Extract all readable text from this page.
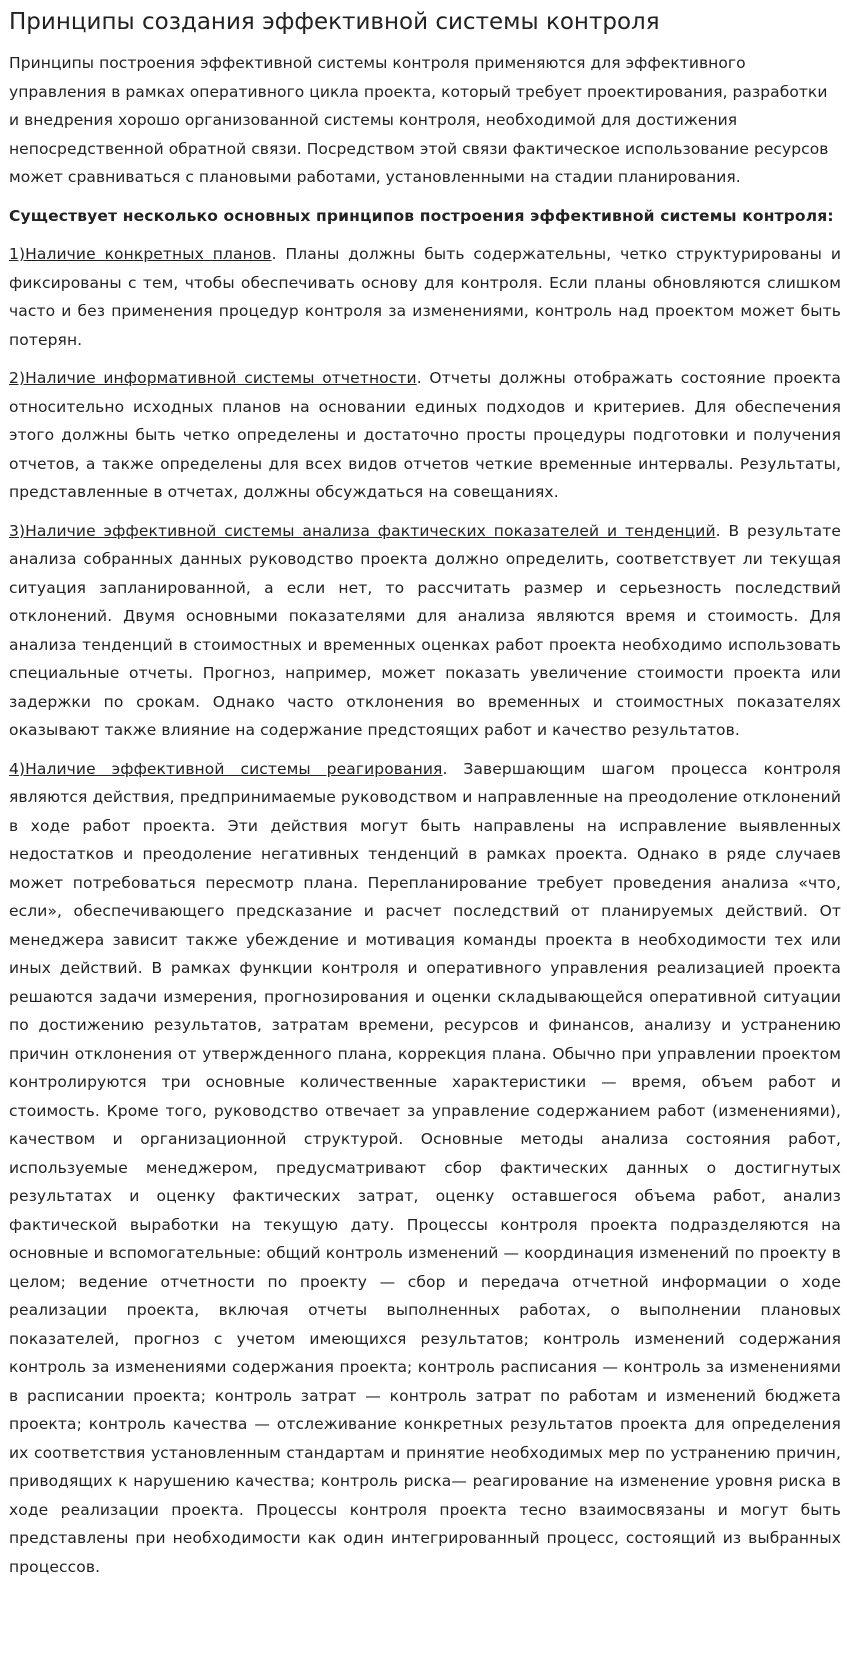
Принципы создания эффективной системы контроля

Принципы построения эффективной системы контроля применяются для эффективного управления в рамках оперативного цикла проекта, который требует проектирования, разработки и внедрения хорошо организованной системы контроля, необходимой для достижения непосредственной обратной связи. Посредством этой связи фактическое использование ресурсов может сравниваться с плановыми работами, установленными на стадии планирования.

Существует несколько основных принципов построения эффективной системы контроля:

1)Наличие конкретных планов. Планы должны быть содержательны, четко структурированы и фиксированы с тем, чтобы обеспечивать основу для контроля. Если планы обновляются слишком часто и без применения процедур контроля за изменениями, контроль над проектом может быть потерян.

2)Наличие информативной системы отчетности. Отчеты должны отображать состояние проекта относительно исходных планов на основании единых подходов и критериев. Для обеспечения этого должны быть четко определены и достаточно просты процедуры подготовки и получения отчетов, а также определены для всех видов отчетов четкие временные интервалы. Результаты, представленные в отчетах, должны обсуждаться на совещаниях.

3)Наличие эффективной системы анализа фактических показателей и тенденций. В результате анализа собранных данных руководство проекта должно определить, соответствует ли текущая ситуация запланированной, а если нет, то рассчитать размер и серьезность последствий отклонений. Двумя основными показателями для анализа являются время и стоимость. Для анализа тенденций в стоимостных и временных оценках работ проекта необходимо использовать специальные отчеты. Прогноз, например, может показать увеличение стоимости проекта или задержки по срокам. Однако часто отклонения во временных и стоимостных показателях оказывают также влияние на содержание предстоящих работ и качество результатов.

4)Наличие эффективной системы реагирования. Завершающим шагом процесса контроля являются действия, предпринимаемые руководством и направленные на преодоление отклонений в ходе работ проекта. Эти действия могут быть направлены на исправление выявленных недостатков и преодоление негативных тенденций в рамках проекта. Однако в ряде случаев может потребоваться пересмотр плана. Перепланирование требует проведения анализа «что, если», обеспечивающего предсказание и расчет последствий от планируемых действий. От менеджера зависит также убеждение и мотивация команды проекта в необходимости тех или иных действий. В рамках функции контроля и оперативного управления реализацией проекта решаются задачи измерения, прогнозирования и оценки складывающейся оперативной ситуации по достижению результатов, затратам времени, ресурсов и финансов, анализу и устранению причин отклонения от утвержденного плана, коррекция плана. Обычно при управлении проектом контролируются три основные количественные характеристики — время, объем работ и стоимость. Кроме того, руководство отвечает за управление содержанием работ (изменениями), качеством и организационной структурой. Основные методы анализа состояния работ, используемые менеджером, предусматривают сбор фактических данных о достигнутых результатах и оценку фактических затрат, оценку оставшегося объема работ, анализ фактической выработки на текущую дату. Процессы контроля проекта подразделяются на основные и вспомогательные: общий контроль изменений — координация изменений по проекту в целом; ведение отчетности по проекту — сбор и передача отчетной информации о ходе реализации проекта, включая отчеты выполненных работах, о выполнении плановых показателей, прогноз с учетом имеющихся результатов; контроль изменений содержания контроль за изменениями содержания проекта; контроль расписания — контроль за изменениями в расписании проекта; контроль затрат — контроль затрат по работам и изменений бюджета проекта; контроль качества — отслеживание конкретных результатов проекта для определения их соответствия установленным стандартам и принятие необходимых мер по устранению причин, приводящих к нарушению качества; контроль риска— реагирование на изменение уровня риска в ходе реализации проекта. Процессы контроля проекта тесно взаимосвязаны и могут быть представлены при необходимости как один интегрированный процесс, состоящий из выбранных процессов.
